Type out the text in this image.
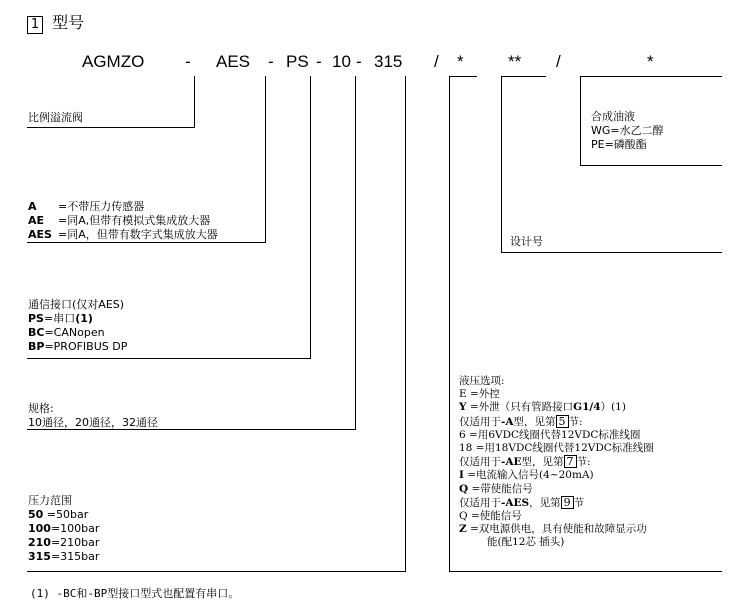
1 型号
AGMZO - AES - PS - 10 - 315 / *	** /	*
比例溢流阀
A =不带压力传感器
AE =同A,但带有模拟式集成放大器
AES =同A，但带有数字式集成放大器
通信接口(仅对AES)
PS=串口(1)
BC=CANopen
BP=PROFIBUS DP
规格:
10通径，20通径，32通径
压力范围
50 =50bar
100=100bar
210=210bar
315=315bar
合成油液
WG=水乙二醇
PE=磷酸酯
设计号
液压选项:
E =外控
Y =外泄（只有管路接口G1/4）(1)
仅适用于-A型，见第 5 节:
6 =用6VDC线圈代替12VDC标准线圈
18 =用18VDC线圈代替12VDC标准线圈
仅适用于-AE型，见第 7 节:
I =电流输入信号(4~20mA)
Q =带使能信号
仅适用于-AES，见第 9 节
Q =使能信号
Z =双电源供电，具有使能和故障显示功
能(配12芯 插头)
(1) -BC和-BP型接口型式也配置有串口。
